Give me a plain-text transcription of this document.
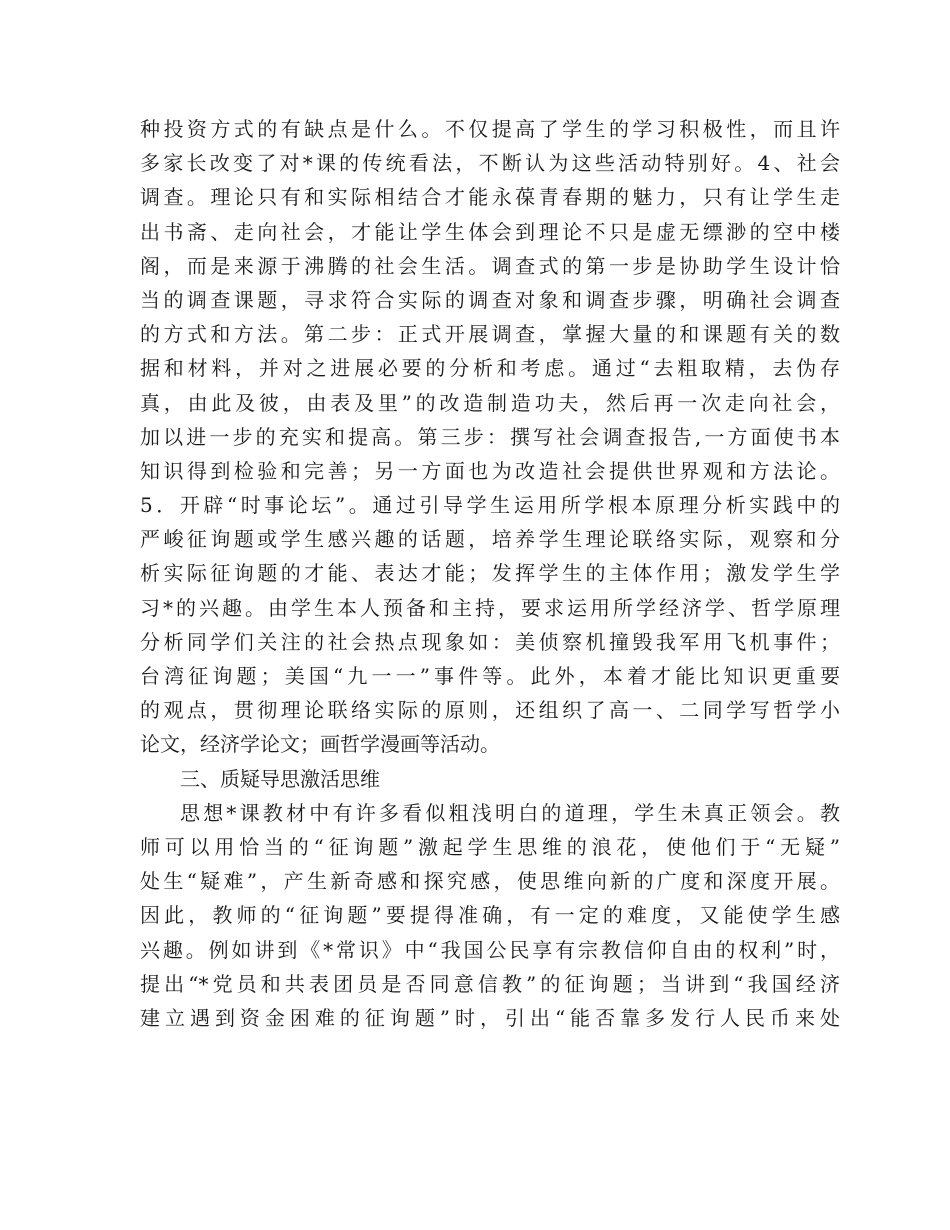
种投资方式的有缺点是什么。不仅提高了学生的学习积极性，而且许
多家长改变了对*课的传统看法，不断认为这些活动特别好。4、社会
调查。理论只有和实际相结合才能永葆青春期的魅力，只有让学生走
出书斋、走向社会，才能让学生体会到理论不只是虚无缥渺的空中楼
阁，而是来源于沸腾的社会生活。调查式的第一步是协助学生设计恰
当的调查课题，寻求符合实际的调查对象和调查步骤，明确社会调查
的方式和方法。第二步：正式开展调查，掌握大量的和课题有关的数
据和材料，并对之进展必要的分析和考虑。通过“去粗取精，去伪存
真，由此及彼，由表及里”的改造制造功夫，然后再一次走向社会，
加以进一步的充实和提高。第三步：撰写社会调查报告,一方面使书本
知识得到检验和完善；另一方面也为改造社会提供世界观和方法论。
5．开辟“时事论坛”。通过引导学生运用所学根本原理分析实践中的
严峻征询题或学生感兴趣的话题，培养学生理论联络实际，观察和分
析实际征询题的才能、表达才能；发挥学生的主体作用；激发学生学
习*的兴趣。由学生本人预备和主持，要求运用所学经济学、哲学原理
分析同学们关注的社会热点现象如：美侦察机撞毁我军用飞机事件；
台湾征询题；美国“九一一”事件等。此外，本着才能比知识更重要
的观点，贯彻理论联络实际的原则，还组织了高一、二同学写哲学小
论文，经济学论文；画哲学漫画等活动。
三、质疑导思激活思维
思想*课教材中有许多看似粗浅明白的道理，学生未真正领会。教
师可以用恰当的“征询题”激起学生思维的浪花，使他们于“无疑”
处生“疑难”，产生新奇感和探究感，使思维向新的广度和深度开展。
因此，教师的“征询题”要提得准确，有一定的难度，又能使学生感
兴趣。例如讲到《*常识》中“我国公民享有宗教信仰自由的权利”时，
提出“*党员和共表团员是否同意信教”的征询题；当讲到“我国经济
建立遇到资金困难的征询题”时，引出“能否靠多发行人民币来处
